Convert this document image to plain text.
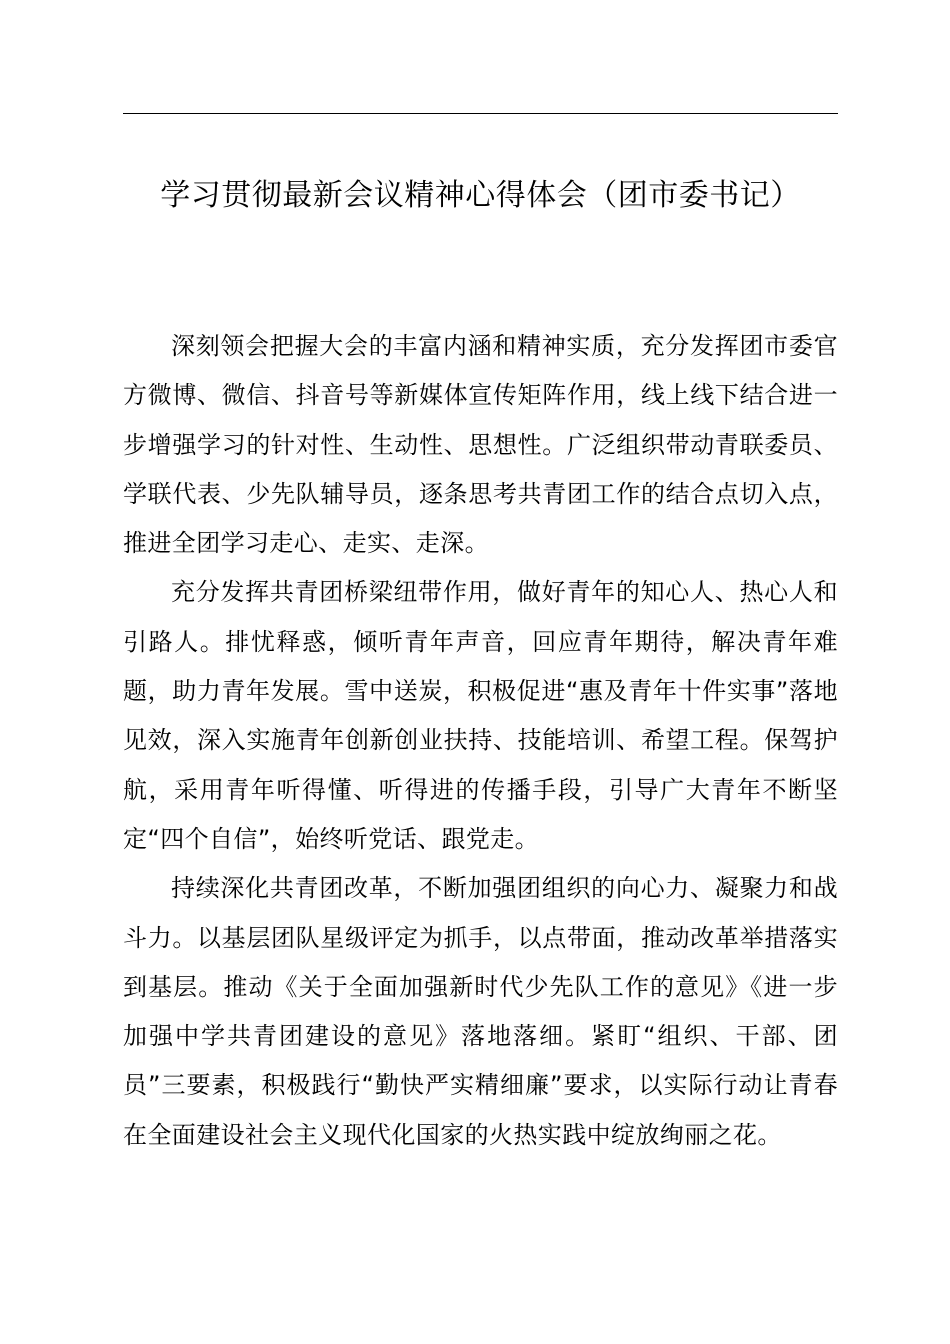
学习贯彻最新会议精神心得体会（团市委书记）

深刻领会把握大会的丰富内涵和精神实质，充分发挥团市委官方微博、微信、抖音号等新媒体宣传矩阵作用，线上线下结合进一步增强学习的针对性、生动性、思想性。广泛组织带动青联委员、学联代表、少先队辅导员，逐条思考共青团工作的结合点切入点，推进全团学习走心、走实、走深。

充分发挥共青团桥梁纽带作用，做好青年的知心人、热心人和引路人。排忧释惑，倾听青年声音，回应青年期待，解决青年难题，助力青年发展。雪中送炭，积极促进“惠及青年十件实事”落地见效，深入实施青年创新创业扶持、技能培训、希望工程。保驾护航，采用青年听得懂、听得进的传播手段，引导广大青年不断坚定“四个自信”，始终听党话、跟党走。

持续深化共青团改革，不断加强团组织的向心力、凝聚力和战斗力。以基层团队星级评定为抓手，以点带面，推动改革举措落实到基层。推动《关于全面加强新时代少先队工作的意见》《进一步加强中学共青团建设的意见》落地落细。紧盯“组织、干部、团员”三要素，积极践行“勤快严实精细廉”要求，以实际行动让青春在全面建设社会主义现代化国家的火热实践中绽放绚丽之花。
